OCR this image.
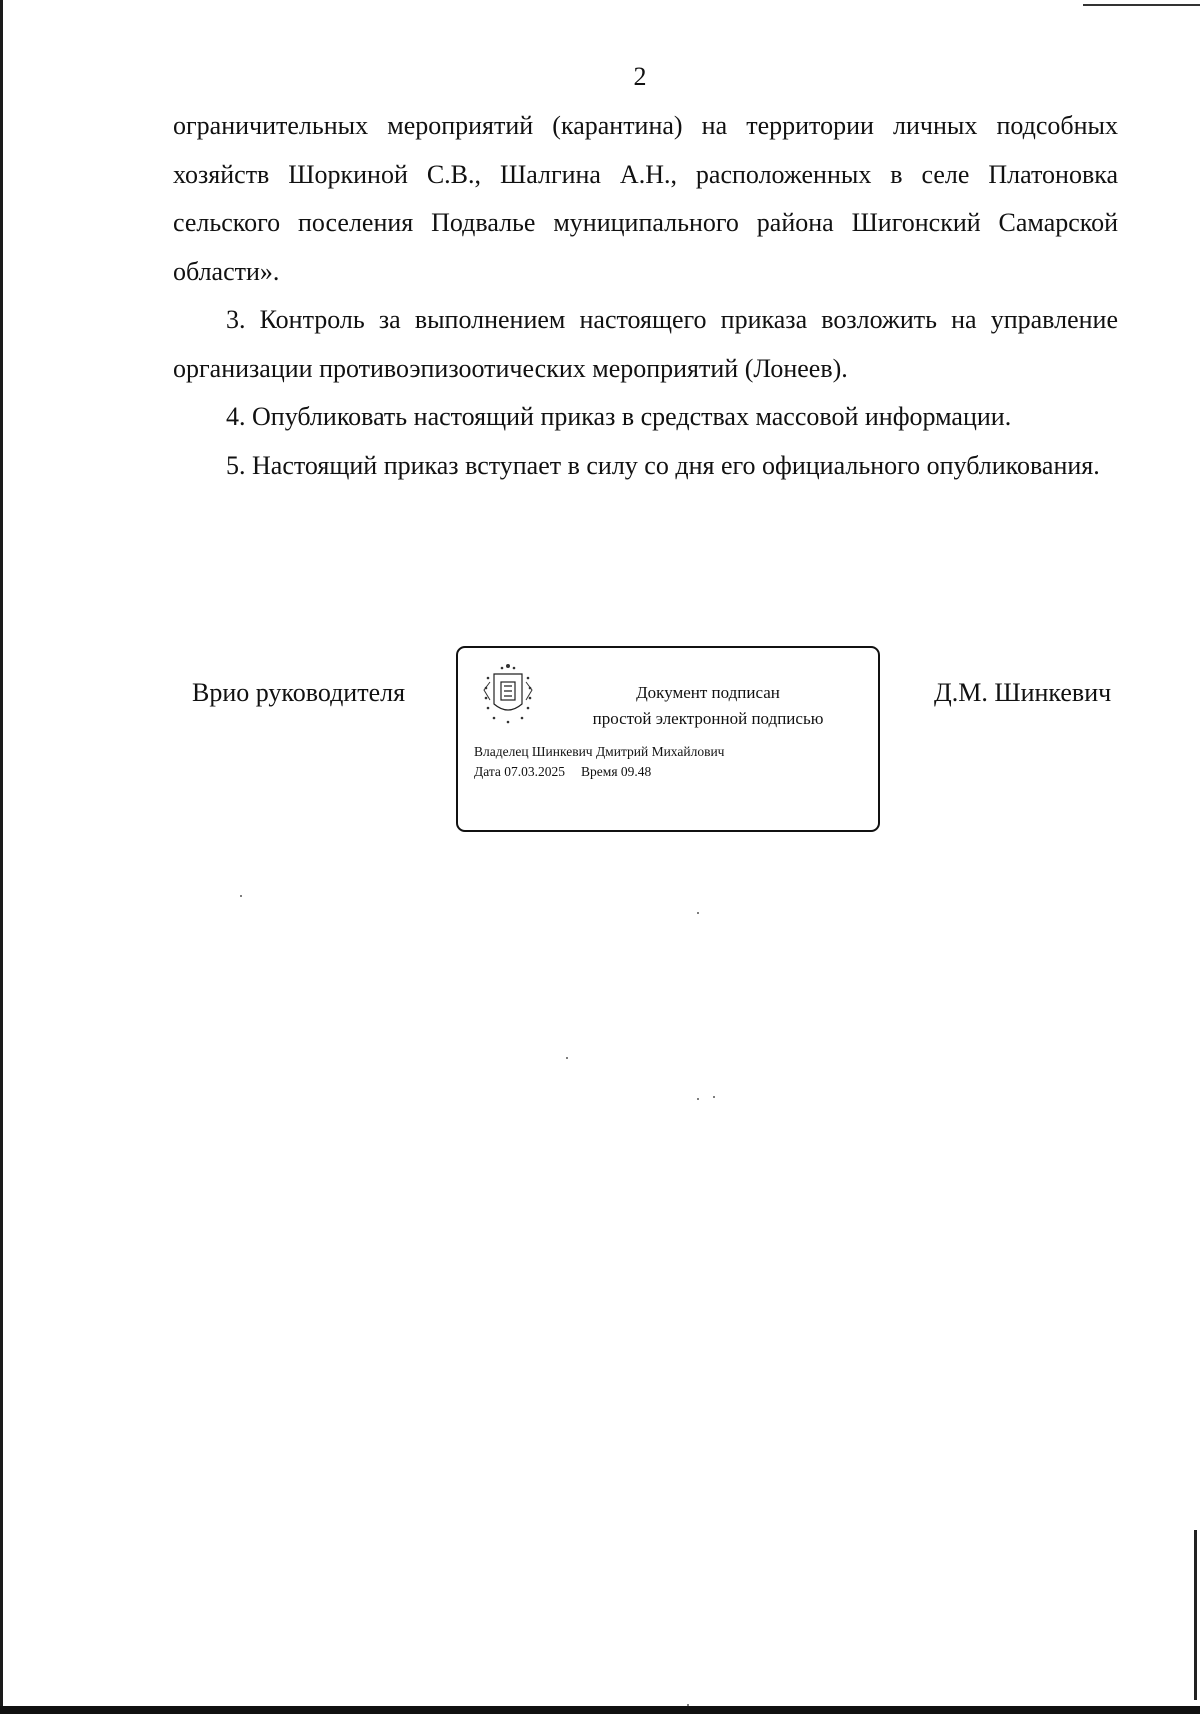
2

ограничительных мероприятий (карантина) на территории личных подсобных хозяйств Шоркиной С.В., Шалгина А.Н., расположенных в селе Платоновка сельского поселения Подвалье муниципального района Шигонский Самарской области».

3. Контроль за выполнением настоящего приказа возложить на управление организации противоэпизоотических мероприятий (Лонеев).

4. Опубликовать настоящий приказ в средствах массовой информации.

5. Настоящий приказ вступает в силу со дня его официального опубликования.

Врио руководителя	Документ подписан
простой электронной подписью
Владелец Шинкевич Дмитрий Михайлович
Дата 07.03.2025 Время 09.48
Д.М. Шинкевич
